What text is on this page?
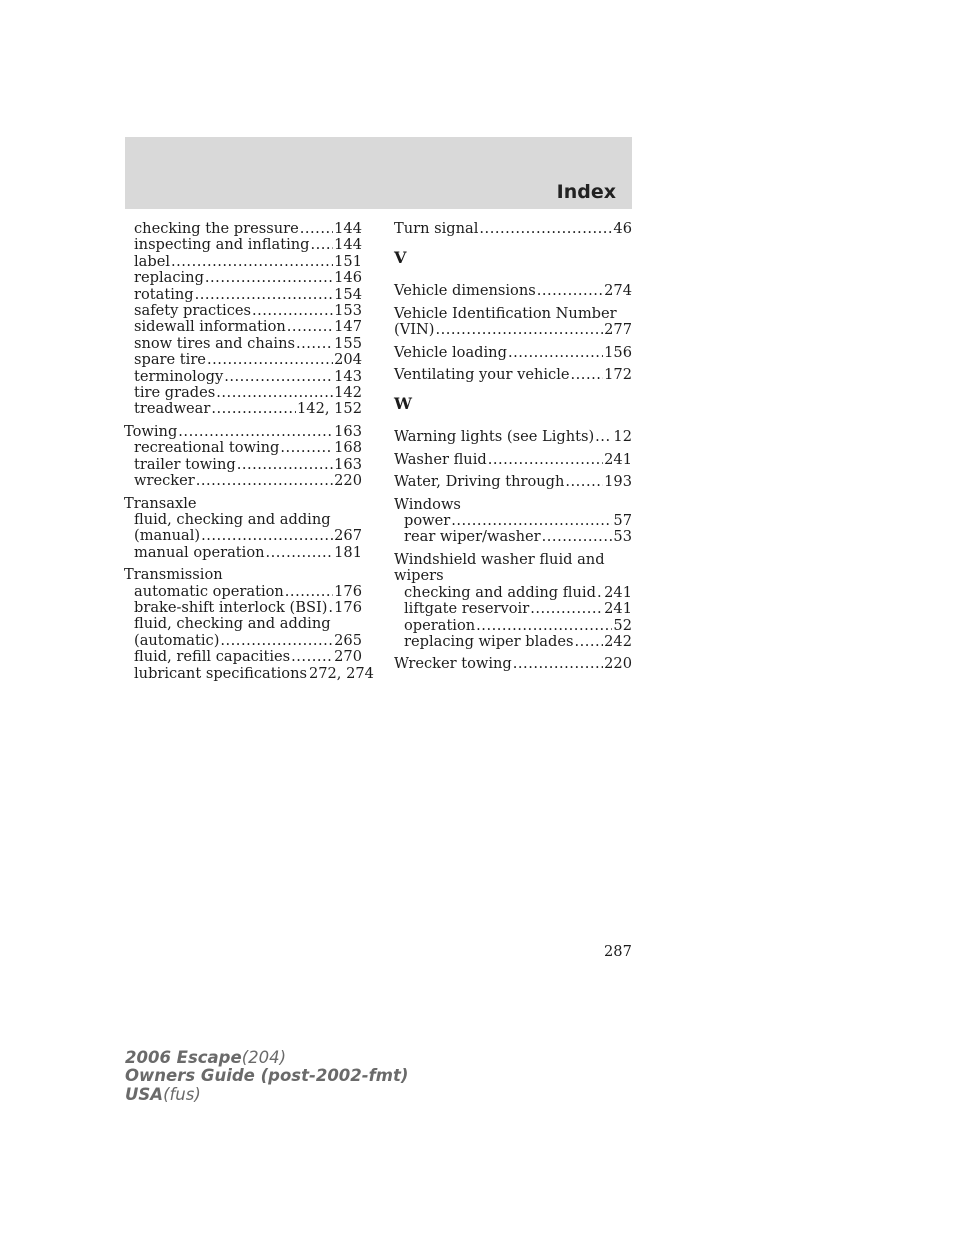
Index
checking the pressure ..... 144
inspecting and inflating ..... 144
label .....	151
replacing .....	146
rotating .....	154
safety practices .....	153
sidewall information .....	147
snow tires and chains .....	155
spare tire .....	204
terminology .....	143
tire grades .....	142
treadwear .....	142, 152
Towing .....	163
recreational towing .....	168
trailer towing .....	163
wrecker .....	220
Transaxle
fluid, checking and adding
(manual) .....	267
manual operation .....	181
Transmission
automatic operation .....	176
brake-shift interlock (BSI) ..... 176
fluid, checking and adding
(automatic) .....	265
fluid, refill capacities .....	270
lubricant specifications 272, 274
Turn signal .....	46
V
Vehicle dimensions .....	274
Vehicle Identification Number
(VIN) .....	277
Vehicle loading .....	156
Ventilating your vehicle ..... 172
W
Warning lights (see Lights) ..... 12
Washer fluid .....	241
Water, Driving through .....	193
Windows
power .....	57
rear wiper/washer .....	53
Windshield washer fluid and
wipers
checking and adding fluid ..... 241
liftgate reservoir .....	241
operation .....	52
replacing wiper blades ..... 242
Wrecker towing .....	220
287
2006 Escape(204)
Owners Guide (post-2002-fmt)
USA(fus)
